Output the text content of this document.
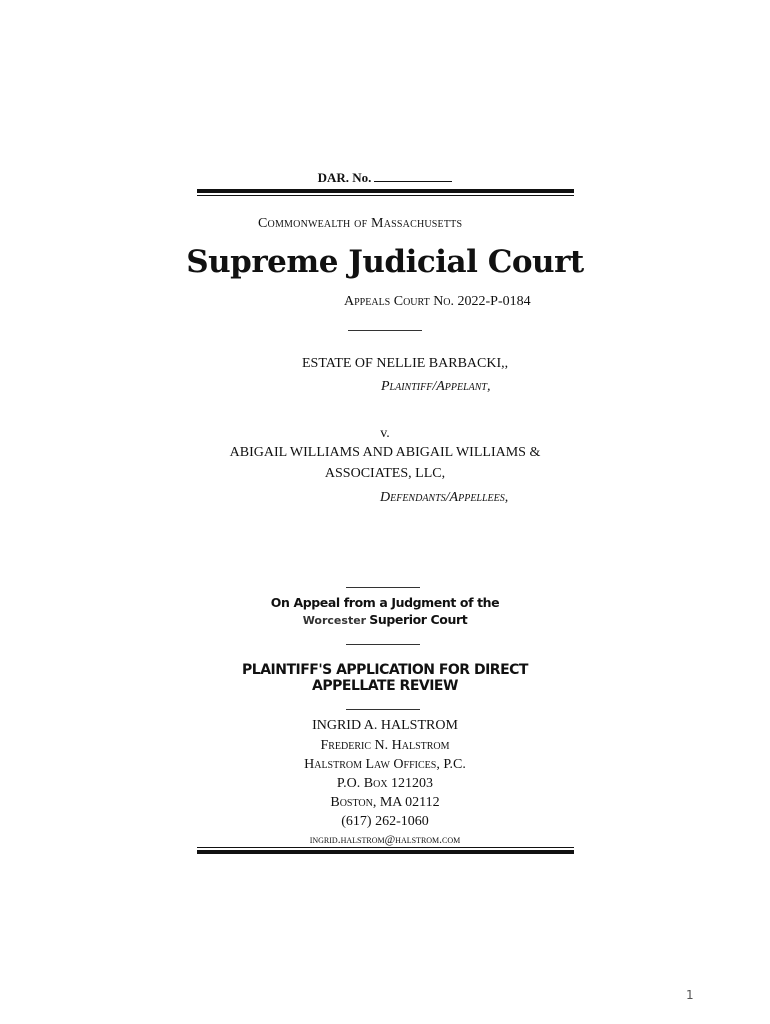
DAR. No.
Commonwealth of Massachusetts
Supreme Judicial Court
Appeals Court No. 2022-P-0184
ESTATE OF NELLIE BARBACKI,,
Plaintiff/Appelant,
v.
ABIGAIL WILLIAMS AND ABIGAIL WILLIAMS &
ASSOCIATES, LLC,
Defendants/Appellees,
On Appeal from a Judgment of the
Worcester Superior Court
PLAINTIFF'S APPLICATION FOR DIRECT
APPELLATE REVIEW
INGRID A. HALSTROM
Frederic N. Halstrom
Halstrom Law Offices, P.C.
P.O. Box 121203
Boston, MA 02112
(617) 262-1060
ingrid.halstrom@halstrom.com
1
